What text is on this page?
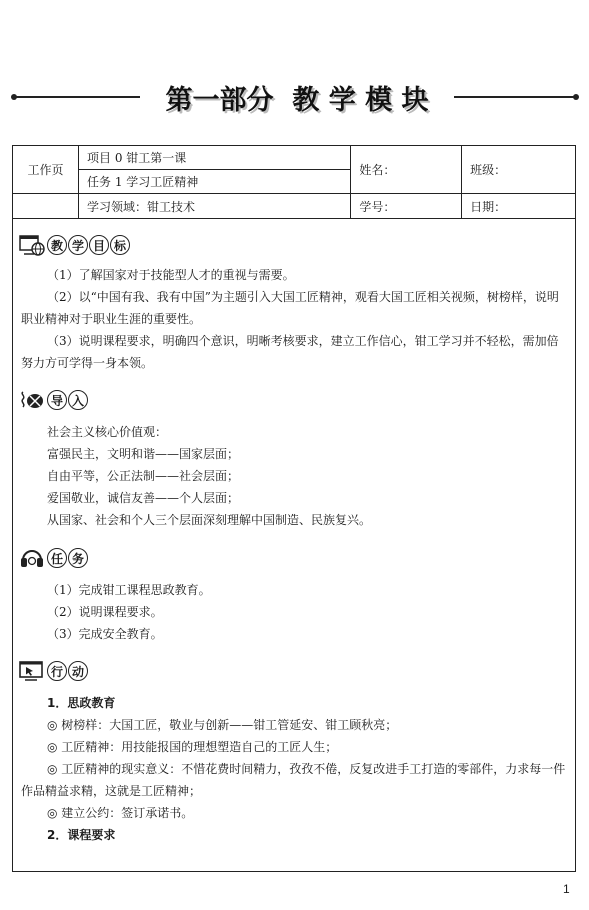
第一部分  教 学 模 块
工作页	项目 0 钳工第一课	姓名：	班级：
	任务 1 学习工匠精神		
	学习领域：钳工技术	学号：	日期：
教 学 目 标
（1）了解国家对于技能型人才的重视与需要。
（2）以“中国有我、我有中国”为主题引入大国工匠精神，观看大国工匠相关视频，树榜样，说明职业精神对于职业生涯的重要性。
（3）说明课程要求，明确四个意识，明晰考核要求，建立工作信心，钳工学习并不轻松，需加倍努力方可学得一身本领。
导 入
社会主义核心价值观：
富强民主，文明和谐——国家层面；
自由平等，公正法制——社会层面；
爱国敬业，诚信友善——个人层面；
从国家、社会和个人三个层面深刻理解中国制造、民族复兴。
任 务
（1）完成钳工课程思政教育。
（2）说明课程要求。
（3）完成安全教育。
行 动
1．思政教育
◎ 树榜样：大国工匠，敬业与创新——钳工管延安、钳工顾秋亮；
◎ 工匠精神：用技能报国的理想塑造自己的工匠人生；
◎ 工匠精神的现实意义：不惜花费时间精力，孜孜不倦，反复改进手工打造的零部件，力求每一件作品精益求精，这就是工匠精神；
◎ 建立公约：签订承诺书。
2．课程要求
1
